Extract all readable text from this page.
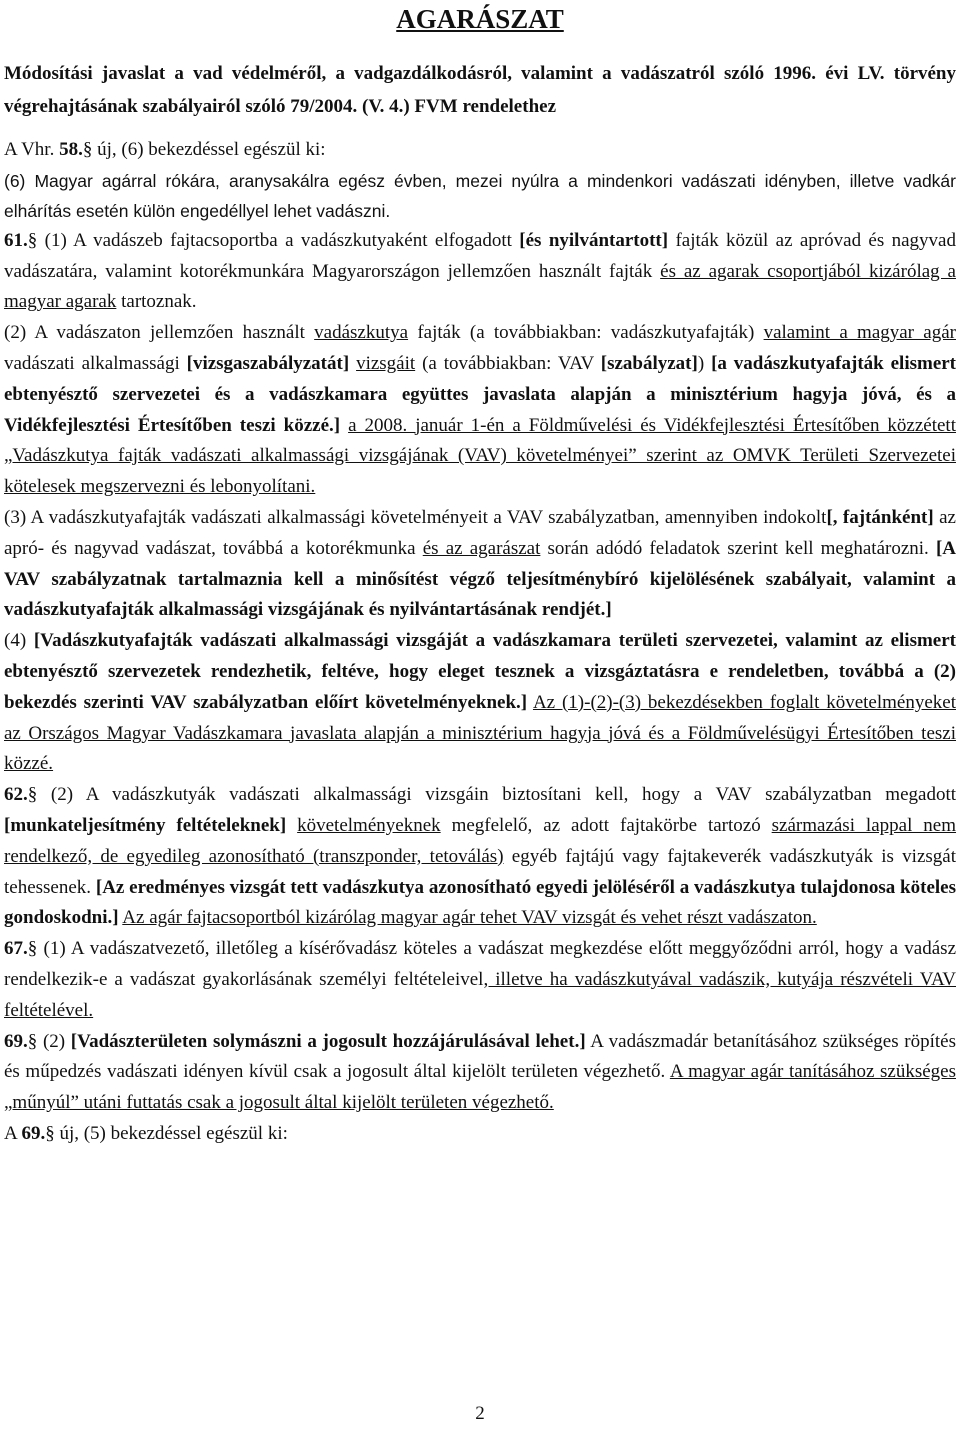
AGARÁSZAT
Módosítási javaslat a vad védelméről, a vadgazdálkodásról, valamint a vadászatról szóló 1996. évi LV. törvény végrehajtásának szabályairól szóló 79/2004. (V. 4.) FVM rendelethez

A Vhr. 58.§ új, (6) bekezdéssel egészül ki:

(6) Magyar agárral rókára, aranysakálra egész évben, mezei nyúlra a mindenkori vadászati idényben, illetve vadkár elhárítás esetén külön engedéllyel lehet vadászni.

61.§ (1) A vadászeb fajtacsoportba a vadászkutyaként elfogadott [és nyilvántartott] fajták közül az apróvad és nagyvad vadászatára, valamint kotorékmunkára Magyarországon jellemzően használt fajták és az agarak csoportjából kizárólag a magyar agarak tartoznak.

(2) A vadászaton jellemzően használt vadászkutya fajták (a továbbiakban: vadászkutyafajták) valamint a magyar agár vadászati alkalmassági [vizsgaszabályzatát] vizsgáit (a továbbiakban: VAV [szabályzat]) [a vadászkutyafajták elismert ebtenyésztő szervezetei és a vadászkamara együttes javaslata alapján a minisztérium hagyja jóvá, és a Vidékfejlesztési Értesítőben teszi közzé.] a 2008. január 1-én a Földművelési és Vidékfejlesztési Értesítőben közzétett „Vadászkutya fajták vadászati alkalmassági vizsgájának (VAV) követelményei” szerint az OMVK Területi Szervezetei kötelesek megszervezni és lebonyolítani.

(3) A vadászkutyafajták vadászati alkalmassági követelményeit a VAV szabályzatban, amennyiben indokolt[, fajtánként] az apró- és nagyvad vadászat, továbbá a kotorékmunka és az agarászat során adódó feladatok szerint kell meghatározni. [A VAV szabályzatnak tartalmaznia kell a minősítést végző teljesítménybíró kijelölésének szabályait, valamint a vadászkutyafajták alkalmassági vizsgájának és nyilvántartásának rendjét.]

(4) [Vadászkutyafajták vadászati alkalmassági vizsgáját a vadászkamara területi szervezetei, valamint az elismert ebtenyésztő szervezetek rendezhetik, feltéve, hogy eleget tesznek a vizsgáztatásra e rendeletben, továbbá a (2) bekezdés szerinti VAV szabályzatban előírt követelményeknek.] Az (1)-(2)-(3) bekezdésekben foglalt követelményeket az Országos Magyar Vadászkamara javaslata alapján a minisztérium hagyja jóvá és a Földművelésügyi Értesítőben teszi közzé.

62.§ (2) A vadászkutyák vadászati alkalmassági vizsgáin biztosítani kell, hogy a VAV szabályzatban megadott [munkateljesítmény feltételeknek] követelményeknek megfelelő, az adott fajtakörbe tartozó származási lappal nem rendelkező, de egyedileg azonosítható (transzponder, tetoválás) egyéb fajtájú vagy fajtakeverék vadászkutyák is vizsgát tehessenek. [Az eredményes vizsgát tett vadászkutya azonosítható egyedi jelöléséről a vadászkutya tulajdonosa köteles gondoskodni.] Az agár fajtacsoportból kizárólag magyar agár tehet VAV vizsgát és vehet részt vadászaton.

67.§ (1) A vadászatvezető, illetőleg a kísérővadász köteles a vadászat megkezdése előtt meggyőződni arról, hogy a vadász rendelkezik-e a vadászat gyakorlásának személyi feltételeivel, illetve ha vadászkutyával vadászik, kutyája részvételi VAV feltételével.

69.§ (2) [Vadászterületen solymászni a jogosult hozzájárulásával lehet.] A vadászmadár betanításához szükséges röpítés és műpedzés vadászati idényen kívül csak a jogosult által kijelölt területen végezhető. A magyar agár tanításához szükséges „műnyúl” utáni futtatás csak a jogosult által kijelölt területen végezhető.

A 69.§ új, (5) bekezdéssel egészül ki:

2
